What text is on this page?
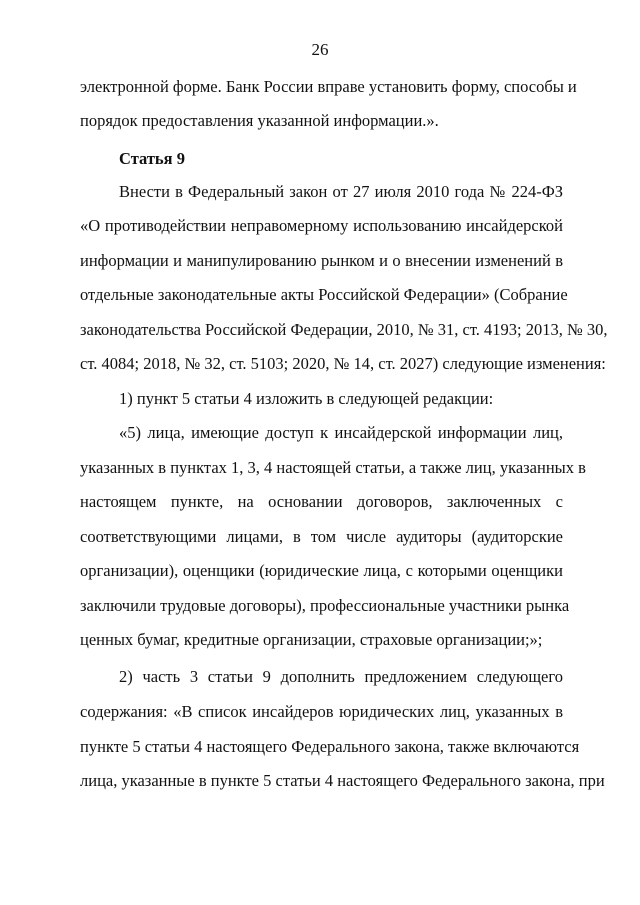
26
электронной форме. Банк России вправе установить форму, способы и
порядок предоставления указанной информации.».
Статья 9
Внести в Федеральный закон от 27 июля 2010 года № 224-ФЗ
«О противодействии неправомерному использованию инсайдерской
информации и манипулированию рынком и о внесении изменений в
отдельные законодательные акты Российской Федерации» (Собрание
законодательства Российской Федерации, 2010, № 31, ст. 4193; 2013, № 30,
ст. 4084; 2018, № 32, ст. 5103; 2020, № 14, ст. 2027) следующие изменения:
1) пункт 5 статьи 4 изложить в следующей редакции:
«5) лица, имеющие доступ к инсайдерской информации лиц,
указанных в пунктах 1, 3, 4 настоящей статьи, а также лиц, указанных в
настоящем пункте, на основании договоров, заключенных с
соответствующими лицами, в том числе аудиторы (аудиторские
организации), оценщики (юридические лица, с которыми оценщики
заключили трудовые договоры), профессиональные участники рынка
ценных бумаг, кредитные организации, страховые организации;»;
2) часть 3 статьи 9 дополнить предложением следующего
содержания: «В список инсайдеров юридических лиц, указанных в
пункте 5 статьи 4 настоящего Федерального закона, также включаются
лица, указанные в пункте 5 статьи 4 настоящего Федерального закона, при
